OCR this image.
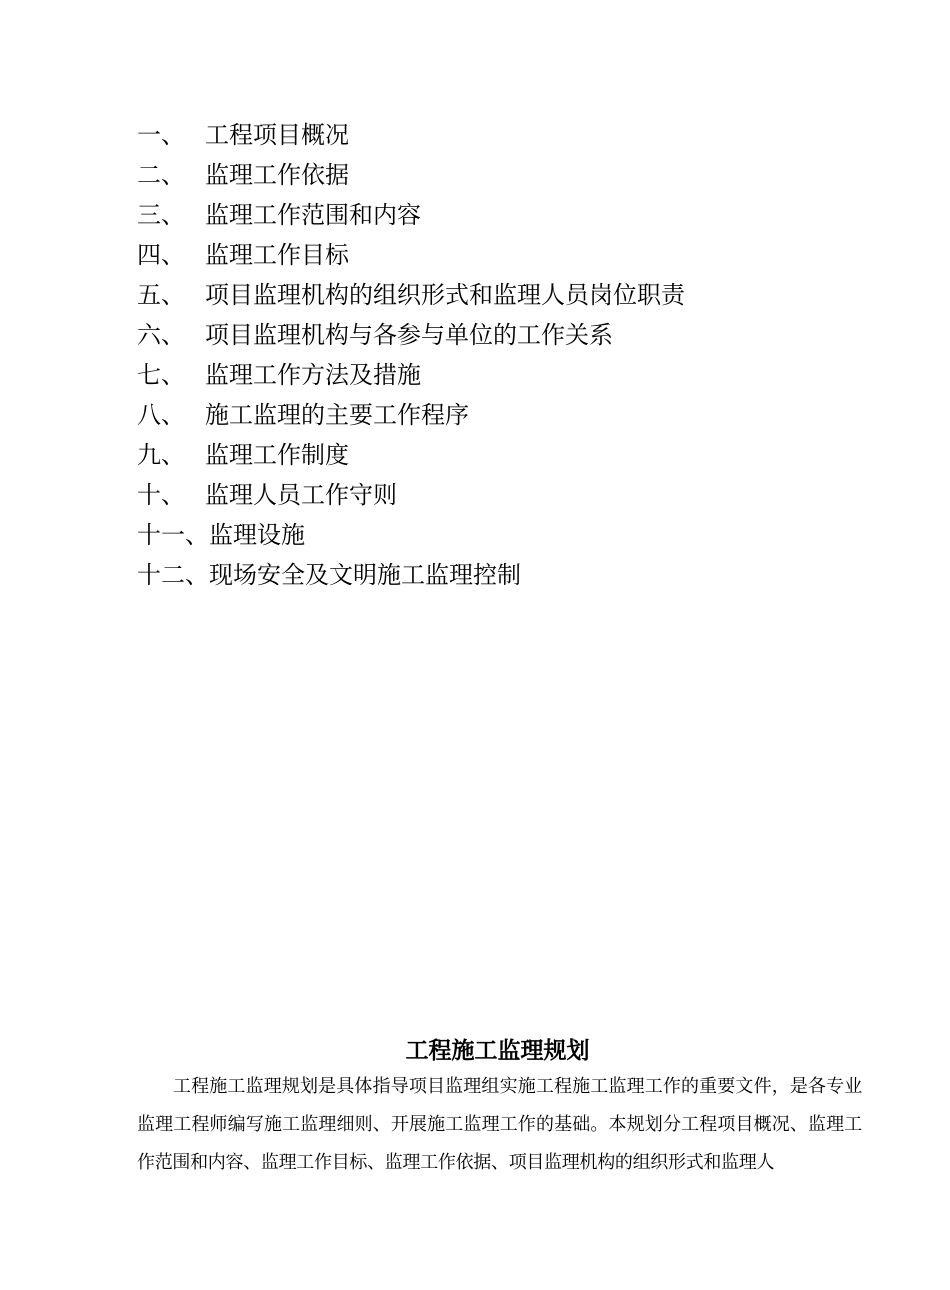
一、 工程项目概况
二、 监理工作依据
三、 监理工作范围和内容
四、 监理工作目标
五、 项目监理机构的组织形式和监理人员岗位职责
六、 项目监理机构与各参与单位的工作关系
七、 监理工作方法及措施
八、 施工监理的主要工作程序
九、 监理工作制度
十、 监理人员工作守则
十一、 监理设施
十二、 现场安全及文明施工监理控制
工程施工监理规划

工程施工监理规划是具体指导项目监理组实施工程施工监理工作的重要文件，是各专业监理工程师编写施工监理细则、开展施工监理工作的基础。本规划分工程项目概况、监理工作范围和内容、监理工作目标、监理工作依据、项目监理机构的组织形式和监理人
